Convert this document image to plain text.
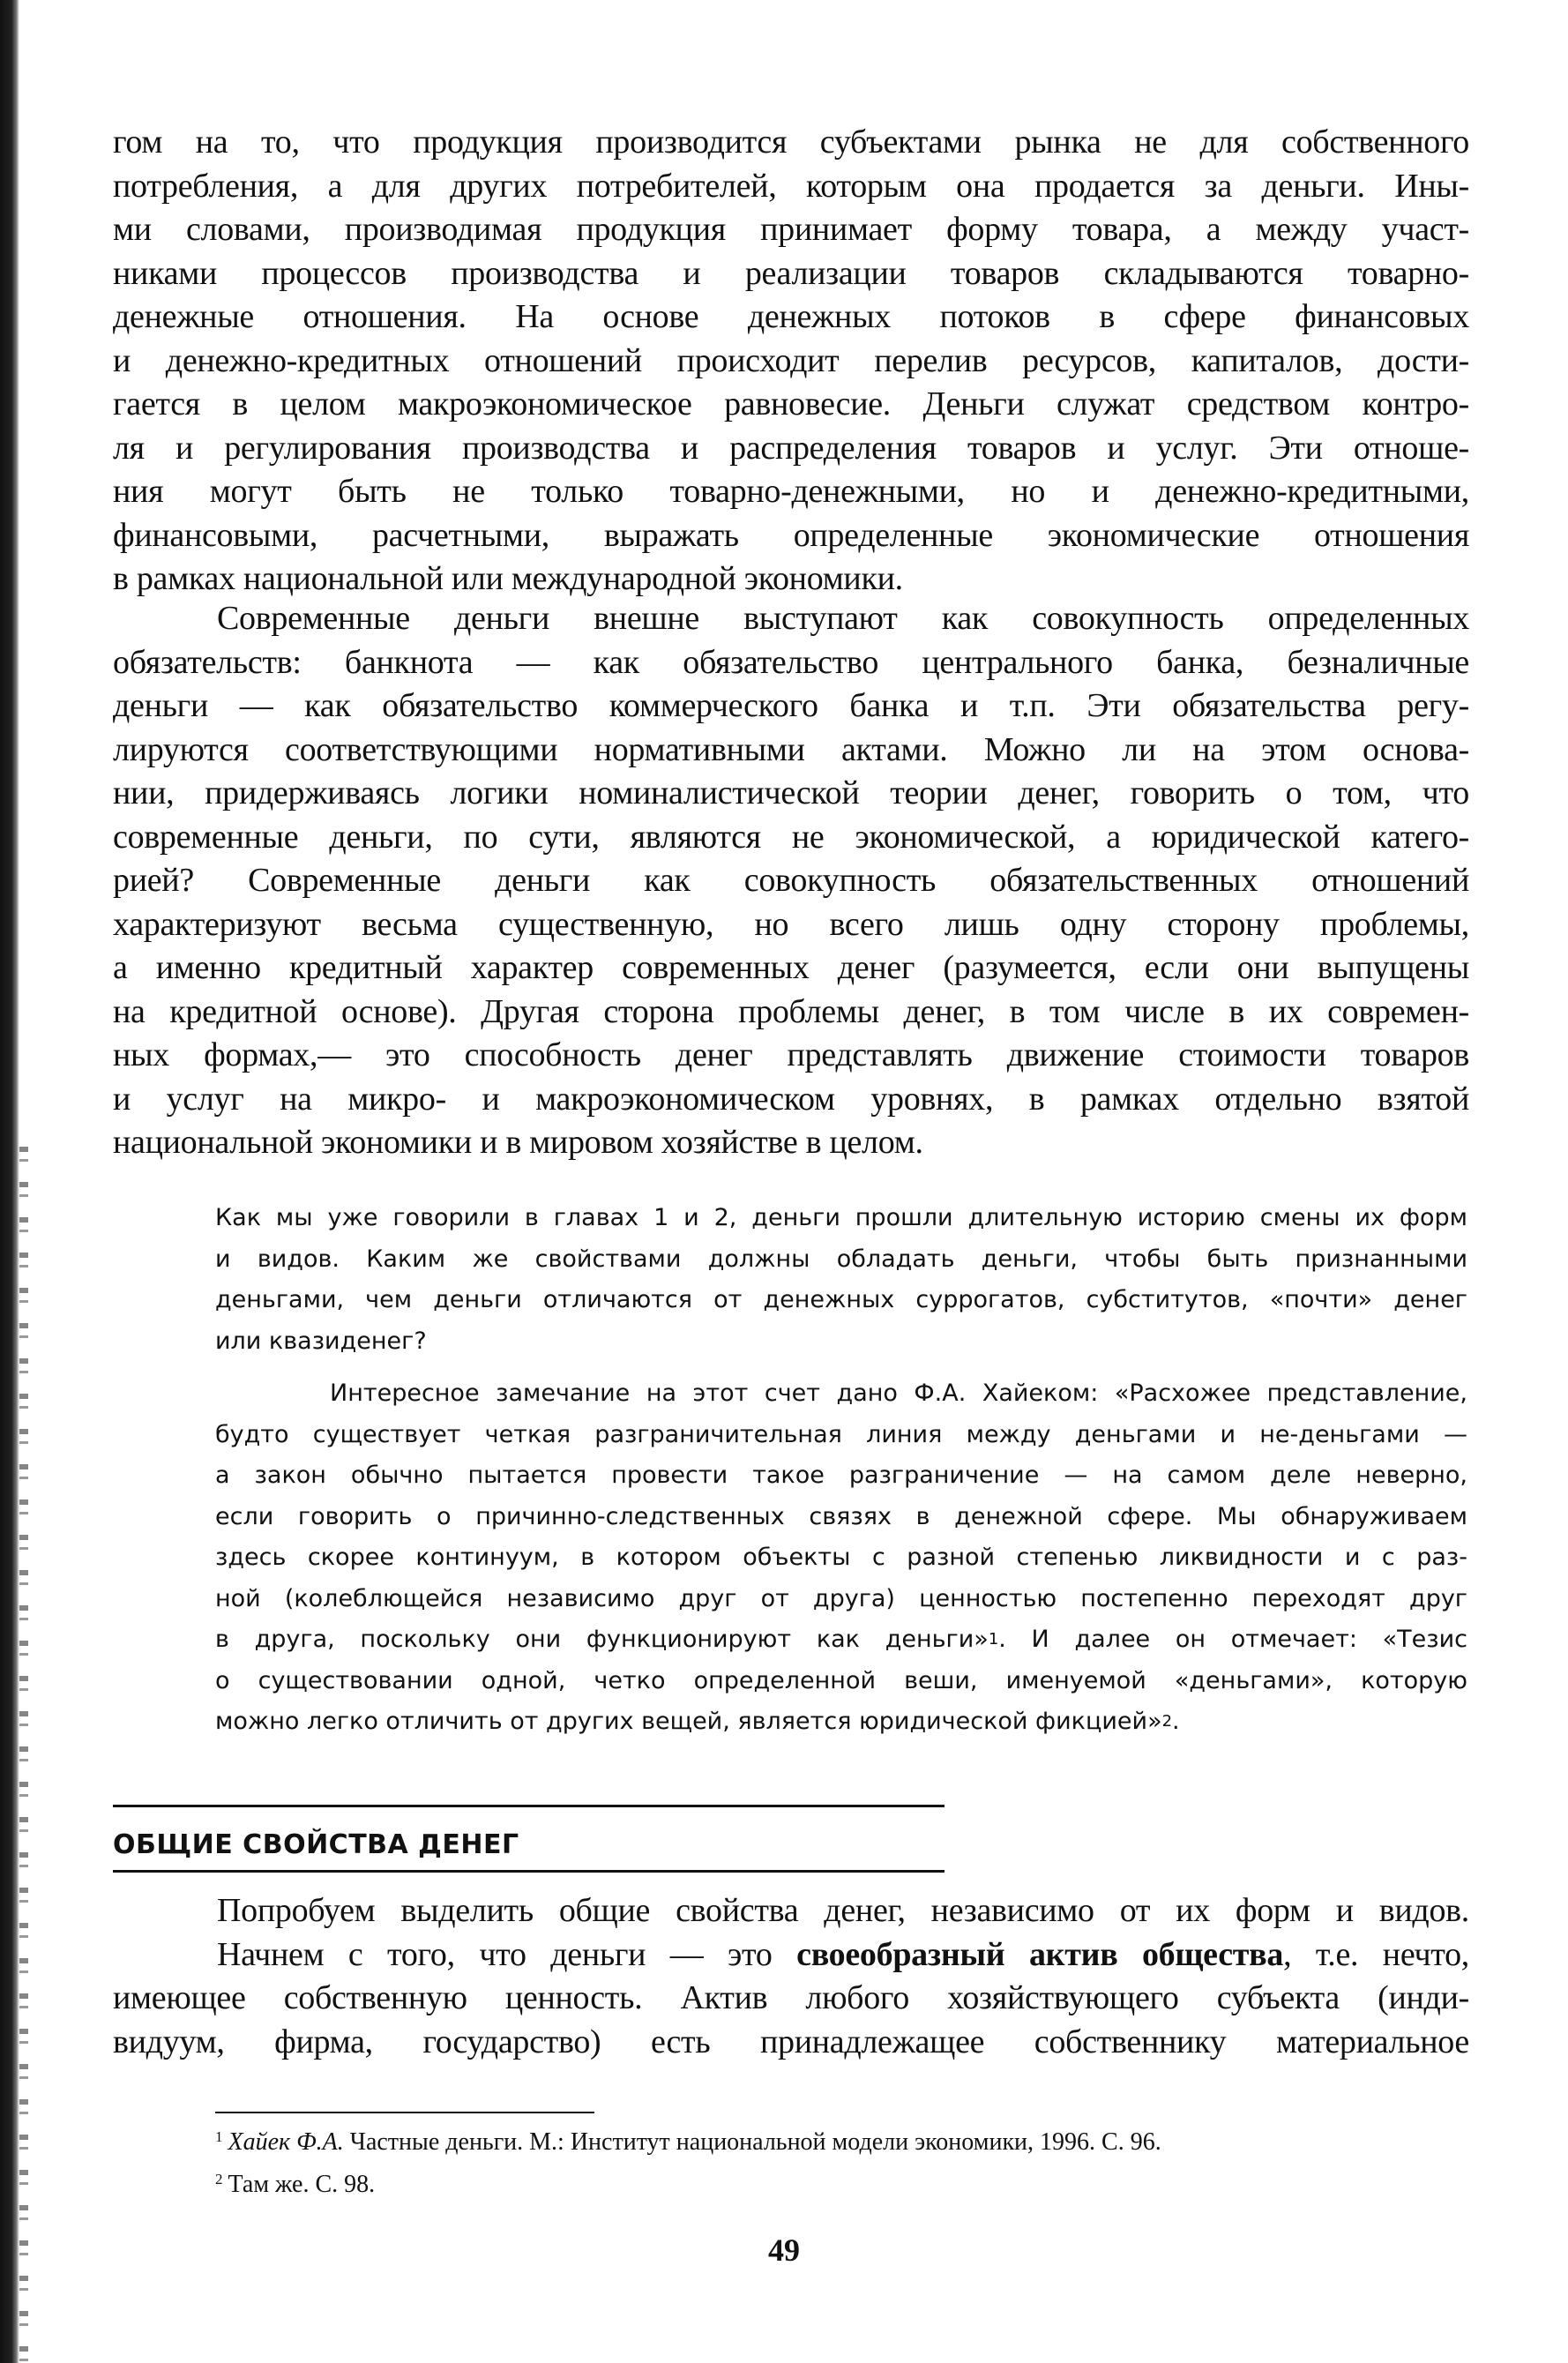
гом на то, что продукция производится субъектами рынка не для собственного
потребления, а для других потребителей, которым она продается за деньги. Ины-
ми словами, производимая продукция принимает форму товара, а между участ-
никами процессов производства и реализации товаров складываются товарно-
денежные отношения. На основе денежных потоков в сфере финансовых
и денежно-кредитных отношений происходит перелив ресурсов, капиталов, дости-
гается в целом макроэкономическое равновесие. Деньги служат средством контро-
ля и регулирования производства и распределения товаров и услуг. Эти отноше-
ния могут быть не только товарно-денежными, но и денежно-кредитными,
финансовыми, расчетными, выражать определенные экономические отношения
в рамках национальной или международной экономики.
Современные деньги внешне выступают как совокупность определенных
обязательств: банкнота — как обязательство центрального банка, безналичные
деньги — как обязательство коммерческого банка и т.п. Эти обязательства регу-
лируются соответствующими нормативными актами. Можно ли на этом основа-
нии, придерживаясь логики номиналистической теории денег, говорить о том, что
современные деньги, по сути, являются не экономической, а юридической катего-
рией? Современные деньги как совокупность обязательственных отношений
характеризуют весьма существенную, но всего лишь одну сторону проблемы,
а именно кредитный характер современных денег (разумеется, если они выпущены
на кредитной основе). Другая сторона проблемы денег, в том числе в их современ-
ных формах,— это способность денег представлять движение стоимости товаров
и услуг на микро- и макроэкономическом уровнях, в рамках отдельно взятой
национальной экономики и в мировом хозяйстве в целом.
Как мы уже говорили в главах 1 и 2, деньги прошли длительную историю смены их форм
и видов. Каким же свойствами должны обладать деньги, чтобы быть признанными
деньгами, чем деньги отличаются от денежных суррогатов, субститутов, «почти» денег
или квазиденег?
Интересное замечание на этот счет дано Ф.А. Хайеком: «Расхожее представление,
будто существует четкая разграничительная линия между деньгами и не-деньгами —
а закон обычно пытается провести такое разграничение — на самом деле неверно,
если говорить о причинно-следственных связях в денежной сфере. Мы обнаруживаем
здесь скорее континуум, в котором объекты с разной степенью ликвидности и с раз-
ной (колеблющейся независимо друг от друга) ценностью постепенно переходят друг
в друга, поскольку они функционируют как деньги»$^1$. И далее он отмечает: «Тезис
о существовании одной, четко определенной веши, именуемой «деньгами», которую
можно легко отличить от других вещей, является юридической фикцией»$^2$.
ОБЩИЕ СВОЙСТВА ДЕНЕГ
Попробуем выделить общие свойства денег, независимо от их форм и видов.
Начнем с того, что деньги — это своеобразный актив общества, т.е. нечто,
имеющее собственную ценность. Актив любого хозяйствующего субъекта (инди-
видуум, фирма, государство) есть принадлежащее собственнику материальное
$^1$ Хайек Ф.А. Частные деньги. М.: Институт национальной модели экономики, 1996. С. 96.
$^2$ Там же. С. 98.
49
